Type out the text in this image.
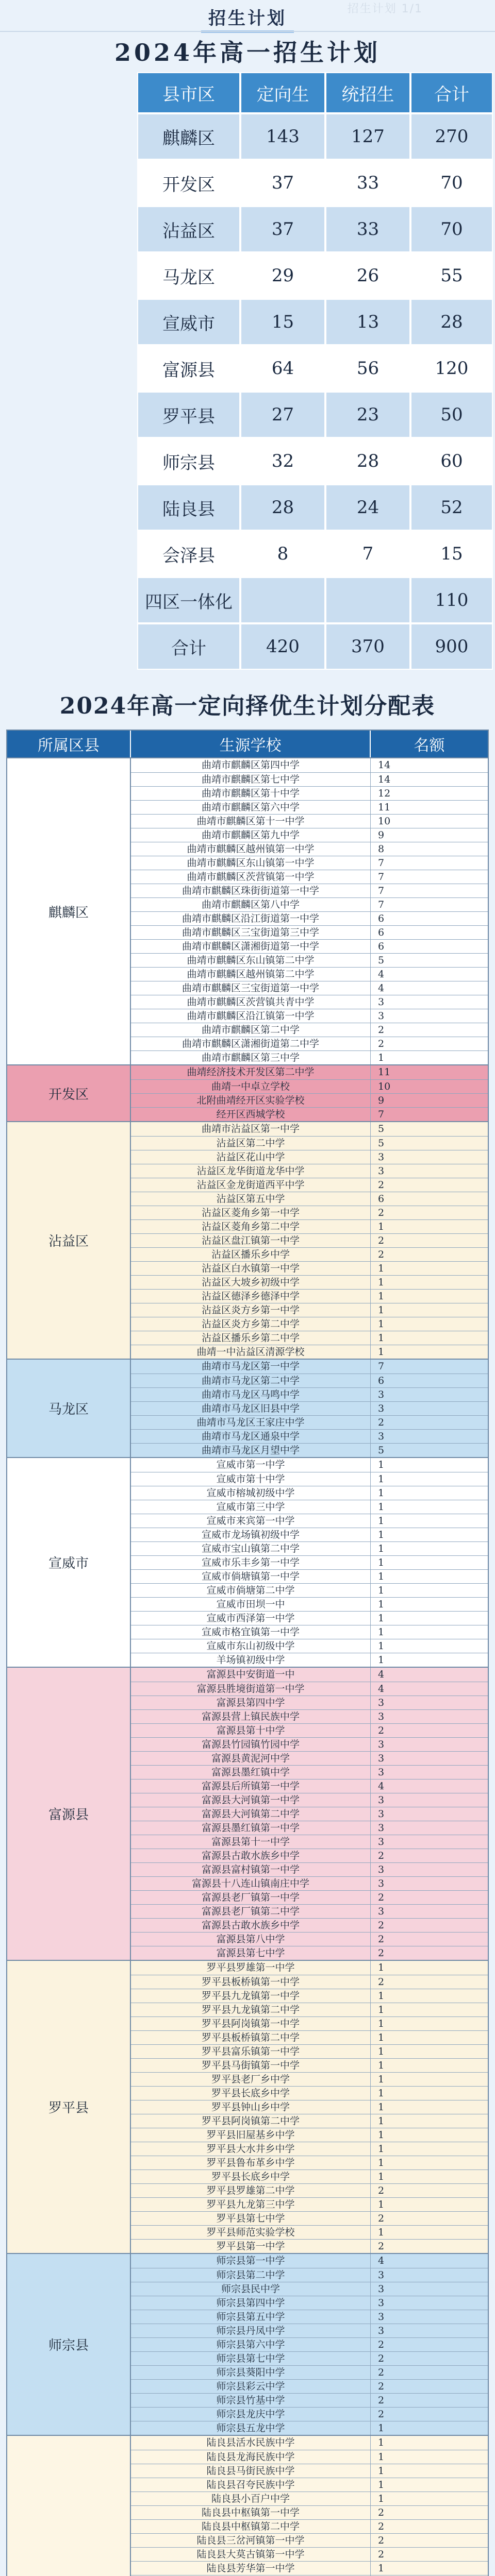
招生计划 1/1
招生计划
2024年高一招生计划
县市区	定向生	统招生	合计
麒麟区	143	127	270
开发区	37	33	70
沾益区	37	33	70
马龙区	29	26	55
宣威市	15	13	28
富源县	64	56	120
罗平县	27	23	50
师宗县	32	28	60
陆良县	28	24	52
会泽县	8	7	15
四区一体化			110
合计	420	370	900
2024年高一定向择优生计划分配表
所属区县	生源学校	名额
麒麟区
曲靖市麒麟区第四中学	14
曲靖市麒麟区第七中学	14
曲靖市麒麟区第十中学	12
曲靖市麒麟区第六中学	11
曲靖市麒麟区第十一中学	10
曲靖市麒麟区第九中学	9
曲靖市麒麟区越州镇第一中学	8
曲靖市麒麟区东山镇第一中学	7
曲靖市麒麟区茨营镇第一中学	7
曲靖市麒麟区珠街街道第一中学	7
曲靖市麒麟区第八中学	7
曲靖市麒麟区沿江街道第一中学	6
曲靖市麒麟区三宝街道第三中学	6
曲靖市麒麟区潇湘街道第一中学	6
曲靖市麒麟区东山镇第二中学	5
曲靖市麒麟区越州镇第二中学	4
曲靖市麒麟区三宝街道第一中学	4
曲靖市麒麟区茨营镇共青中学	3
曲靖市麒麟区沿江镇第一中学	3
曲靖市麒麟区第二中学	2
曲靖市麒麟区潇湘街道第二中学	2
曲靖市麒麟区第三中学	1
开发区
曲靖经济技术开发区第二中学	11
曲靖一中卓立学校	10
北附曲靖经开区实验学校	9
经开区西城学校	7
沾益区
曲靖市沾益区第一中学	5
沾益区第二中学	5
沾益区花山中学	3
沾益区龙华街道龙华中学	3
沾益区金龙街道西平中学	2
沾益区第五中学	6
沾益区菱角乡第一中学	2
沾益区菱角乡第二中学	1
沾益区盘江镇第一中学	2
沾益区播乐乡中学	2
沾益区白水镇第一中学	1
沾益区大坡乡初级中学	1
沾益区德泽乡德泽中学	1
沾益区炎方乡第一中学	1
沾益区炎方乡第二中学	1
沾益区播乐乡第二中学	1
曲靖一中沾益区清源学校	1
马龙区
曲靖市马龙区第一中学	7
曲靖市马龙区第二中学	6
曲靖市马龙区马鸣中学	3
曲靖市马龙区旧县中学	3
曲靖市马龙区王家庄中学	2
曲靖市马龙区通泉中学	3
曲靖市马龙区月望中学	5
宣威市
宣威市第一中学	1
宣威市第十中学	1
宣威市榕城初级中学	1
宣威市第三中学	1
宣威市来宾第一中学	1
宣威市龙场镇初级中学	1
宣威市宝山镇第二中学	1
宣威市乐丰乡第一中学	1
宣威市倘塘镇第一中学	1
宣威市倘塘第二中学	1
宣威市田坝一中	1
宣威市西泽第一中学	1
宣威市格宜镇第一中学	1
宣威市东山初级中学	1
羊场镇初级中学	1
富源县
富源县中安街道一中	4
富源县胜境街道第一中学	4
富源县第四中学	3
富源县营上镇民族中学	3
富源县第十中学	2
富源县竹园镇竹园中学	3
富源县黄泥河中学	3
富源县墨红镇中学	3
富源县后所镇第一中学	4
富源县大河镇第一中学	3
富源县大河镇第二中学	3
富源县墨红镇第一中学	3
富源县第十一中学	3
富源县古敢水族乡中学	2
富源县富村镇第一中学	3
富源县十八连山镇南庄中学	3
富源县老厂镇第一中学	2
富源县老厂镇第二中学	3
富源县古敢水族乡中学	2
富源县第八中学	2
富源县第七中学	2
罗平县
罗平县罗雄第一中学	1
罗平县板桥镇第一中学	2
罗平县九龙镇第一中学	1
罗平县九龙镇第二中学	1
罗平县阿岗镇第一中学	1
罗平县板桥镇第二中学	1
罗平县富乐镇第一中学	1
罗平县马街镇第一中学	1
罗平县老厂乡中学	1
罗平县长底乡中学	1
罗平县钟山乡中学	1
罗平县阿岗镇第二中学	1
罗平县旧屋基乡中学	1
罗平县大水井乡中学	1
罗平县鲁布革乡中学	1
罗平县长底乡中学	1
罗平县罗雄第二中学	2
罗平县九龙第三中学	1
罗平县第七中学	2
罗平县师范实验学校	1
罗平县第一中学	2
师宗县
师宗县第一中学	4
师宗县第二中学	3
师宗县民中学	3
师宗县第四中学	3
师宗县第五中学	3
师宗县丹凤中学	3
师宗县第六中学	2
师宗县第七中学	2
师宗县葵阳中学	2
师宗县彩云中学	2
师宗县竹基中学	2
师宗县龙庆中学	2
师宗县五龙中学	1
陆良县活水民族中学	1
陆良县龙海民族中学	1
陆良县马街民族中学	1
陆良县召夸民族中学	1
陆良县小百户中学	1
陆良县中枢镇第一中学	2
陆良县中枢镇第二中学	2
陆良县三岔河镇第一中学	2
陆良县大莫古镇第一中学	2
陆良县芳华第一中学	1
